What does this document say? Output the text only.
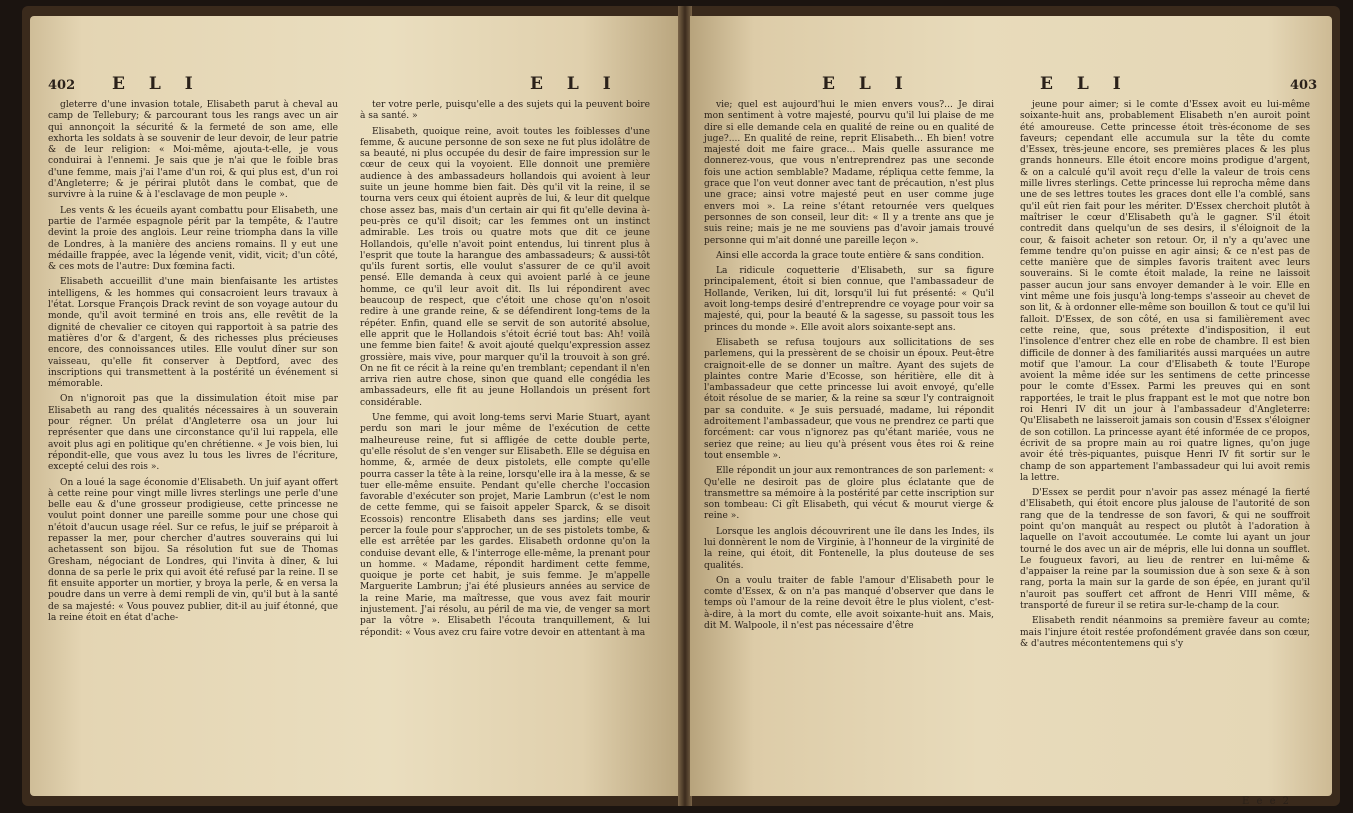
402 E L I	E L I

gleterre d'une invasion totale, Elisabeth parut à cheval au camp de Tellebury; & parcourant tous les rangs avec un air qui annonçoit la sécurité & la fermeté de son ame, elle exhorta les soldats à se souvenir de leur devoir, de leur patrie & de leur religion: « Moi-même, ajouta-t-elle, je vous conduirai à l'ennemi. Je sais que je n'ai que le foible bras d'une femme, mais j'ai l'ame d'un roi, & qui plus est, d'un roi d'Angleterre; & je périrai plutôt dans le combat, que de survivre à la ruine & à l'esclavage de mon peuple ».

Les vents & les écueils ayant combattu pour Elisabeth, une partie de l'armée espagnole périt par la tempête, & l'autre devint la proie des anglois. Leur reine triompha dans la ville de Londres, à la manière des anciens romains. Il y eut une médaille frappée, avec la légende venit, vidit, vicit; d'un côté, & ces mots de l'autre: Dux fœmina facti.

Elisabeth accueillit d'une main bienfaisante les artistes intelligens, & les hommes qui consacroient leurs travaux à l'état. Lorsque François Drack revint de son voyage autour du monde, qu'il avoit terminé en trois ans, elle revêtit de la dignité de chevalier ce citoyen qui rapportoit à sa patrie des matières d'or & d'argent, & des richesses plus précieuses encore, des connoissances utiles. Elle voulut dîner sur son vaisseau, qu'elle fit conserver à Deptford, avec des inscriptions qui transmettent à la postérité un événement si mémorable.

On n'ignoroit pas que la dissimulation étoit mise par Elisabeth au rang des qualités nécessaires à un souverain pour régner. Un prélat d'Angleterre osa un jour lui représenter que dans une circonstance qu'il lui rappela, elle avoit plus agi en politique qu'en chrétienne. « Je vois bien, lui répondit-elle, que vous avez lu tous les livres de l'écriture, excepté celui des rois ».

On a loué la sage économie d'Elisabeth. Un juif ayant offert à cette reine pour vingt mille livres sterlings une perle d'une belle eau & d'une grosseur prodigieuse, cette princesse ne voulut point donner une pareille somme pour une chose qui n'étoit d'aucun usage réel. Sur ce refus, le juif se préparoit à repasser la mer, pour chercher d'autres souverains qui lui achetassent son bijou. Sa résolution fut sue de Thomas Gresham, négociant de Londres, qui l'invita à dîner, & lui donna de sa perle le prix qui avoit été refusé par la reine. Il se fit ensuite apporter un mortier, y broya la perle, & en versa la poudre dans un verre à demi rempli de vin, qu'il but à la santé de sa majesté: « Vous pouvez publier, dit-il au juif étonné, que la reine étoit en état d'ache-

ter votre perle, puisqu'elle a des sujets qui la peuvent boire à sa santé. »

Elisabeth, quoique reine, avoit toutes les foiblesses d'une femme, & aucune personne de son sexe ne fut plus idolâtre de sa beauté, ni plus occupée du desir de faire impression sur le cœur de ceux qui la voyoient. Elle donnoit une première audience à des ambassadeurs hollandois qui avoient à leur suite un jeune homme bien fait. Dès qu'il vit la reine, il se tourna vers ceux qui étoient auprès de lui, & leur dit quelque chose assez bas, mais d'un certain air qui fit qu'elle devina à-peu-près ce qu'il disoit; car les femmes ont un instinct admirable. Les trois ou quatre mots que dit ce jeune Hollandois, qu'elle n'avoit point entendus, lui tinrent plus à l'esprit que toute la harangue des ambassadeurs; & aussi-tôt qu'ils furent sortis, elle voulut s'assurer de ce qu'il avoit pensé. Elle demanda à ceux qui avoient parlé à ce jeune homme, ce qu'il leur avoit dit. Ils lui répondirent avec beaucoup de respect, que c'étoit une chose qu'on n'osoit redire à une grande reine, & se défendirent long-tems de la répéter. Enfin, quand elle se servit de son autorité absolue, elle apprit que le Hollandois s'étoit écrié tout bas: Ah! voilà une femme bien faite! & avoit ajouté quelqu'expression assez grossière, mais vive, pour marquer qu'il la trouvoit à son gré. On ne fit ce récit à la reine qu'en tremblant; cependant il n'en arriva rien autre chose, sinon que quand elle congédia les ambassadeurs, elle fit au jeune Hollandois un présent fort considérable.

Une femme, qui avoit long-tems servi Marie Stuart, ayant perdu son mari le jour même de l'exécution de cette malheureuse reine, fut si affligée de cette double perte, qu'elle résolut de s'en venger sur Elisabeth. Elle se déguisa en homme, &, armée de deux pistolets, elle compte qu'elle pourra casser la tête à la reine, lorsqu'elle ira à la messe, & se tuer elle-même ensuite. Pendant qu'elle cherche l'occasion favorable d'exécuter son projet, Marie Lambrun (c'est le nom de cette femme, qui se faisoit appeler Sparck, & se disoit Ecossois) rencontre Elisabeth dans ses jardins; elle veut percer la foule pour s'approcher, un de ses pistolets tombe, & elle est arrêtée par les gardes. Elisabeth ordonne qu'on la conduise devant elle, & l'interroge elle-même, la prenant pour un homme. « Madame, répondit hardiment cette femme, quoique je porte cet habit, je suis femme. Je m'appelle Marguerite Lambrun; j'ai été plusieurs années au service de la reine Marie, ma maîtresse, que vous avez fait mourir injustement. J'ai résolu, au péril de ma vie, de venger sa mort par la vôtre ». Elisabeth l'écouta tranquillement, & lui répondit: « Vous avez cru faire votre devoir en attentant à ma

E L I	E L I	403

vie; quel est aujourd'hui le mien envers vous?... Je dirai mon sentiment à votre majesté, pourvu qu'il lui plaise de me dire si elle demande cela en qualité de reine ou en qualité de juge?.... En qualité de reine, reprit Elisabeth... Eh bien! votre majesté doit me faire grace... Mais quelle assurance me donnerez-vous, que vous n'entreprendrez pas une seconde fois une action semblable? Madame, répliqua cette femme, la grace que l'on veut donner avec tant de précaution, n'est plus une grace; ainsi votre majesté peut en user comme juge envers moi ». La reine s'étant retournée vers quelques personnes de son conseil, leur dit: « Il y a trente ans que je suis reine; mais je ne me souviens pas d'avoir jamais trouvé personne qui m'ait donné une pareille leçon ».

Ainsi elle accorda la grace toute entière & sans condition.

La ridicule coquetterie d'Elisabeth, sur sa figure principalement, étoit si bien connue, que l'ambassadeur de Hollande, Veriken, lui dit, lorsqu'il lui fut présenté: « Qu'il avoit long-temps desiré d'entreprendre ce voyage pour voir sa majesté, qui, pour la beauté & la sagesse, su passoit tous les princes du monde ». Elle avoit alors soixante-sept ans.

Elisabeth se refusa toujours aux sollicitations de ses parlemens, qui la pressèrent de se choisir un époux. Peut-être craignoit-elle de se donner un maître. Ayant des sujets de plaintes contre Marie d'Ecosse, son héritière, elle dit à l'ambassadeur que cette princesse lui avoit envoyé, qu'elle étoit résolue de se marier, & la reine sa sœur l'y contraignoit par sa conduite. « Je suis persuadé, madame, lui répondit adroitement l'ambassadeur, que vous ne prendrez ce parti que forcément: car vous n'ignorez pas qu'étant mariée, vous ne seriez que reine; au lieu qu'à présent vous êtes roi & reine tout ensemble ».

Elle répondit un jour aux remontrances de son parlement: « Qu'elle ne desiroit pas de gloire plus éclatante que de transmettre sa mémoire à la postérité par cette inscription sur son tombeau: Ci gît Elisabeth, qui vécut & mourut vierge & reine ».

Lorsque les anglois découvrirent une île dans les Indes, ils lui donnèrent le nom de Virginie, à l'honneur de la virginité de la reine, qui étoit, dit Fontenelle, la plus douteuse de ses qualités.

On a voulu traiter de fable l'amour d'Elisabeth pour le comte d'Essex, & on n'a pas manqué d'observer que dans le temps où l'amour de la reine devoit être le plus violent, c'est-à-dire, à la mort du comte, elle avoit soixante-huit ans. Mais, dit M. Walpoole, il n'est pas nécessaire d'être

jeune pour aimer; si le comte d'Essex avoit eu lui-même soixante-huit ans, probablement Elisabeth n'en auroit point été amoureuse. Cette princesse étoit très-économe de ses faveurs; cependant elle accumula sur la tête du comte d'Essex, très-jeune encore, ses premières places & les plus grands honneurs. Elle étoit encore moins prodigue d'argent, & on a calculé qu'il avoit reçu d'elle la valeur de trois cens mille livres sterlings. Cette princesse lui reprocha même dans une de ses lettres toutes les graces dont elle l'a comblé, sans qu'il eût rien fait pour les mériter. D'Essex cherchoit plutôt à maîtriser le cœur d'Elisabeth qu'à le gagner. S'il étoit contredit dans quelqu'un de ses desirs, il s'éloignoit de la cour, & faisoit acheter son retour. Or, il n'y a qu'avec une femme tendre qu'on puisse en agir ainsi; & ce n'est pas de cette manière que de simples favoris traitent avec leurs souverains. Si le comte étoit malade, la reine ne laissoit passer aucun jour sans envoyer demander à le voir. Elle en vint même une fois jusqu'à long-temps s'asseoir au chevet de son lit, & à ordonner elle-même son bouillon & tout ce qu'il lui falloit. D'Essex, de son côté, en usa si familièrement avec cette reine, que, sous prétexte d'indisposition, il eut l'insolence d'entrer chez elle en robe de chambre. Il est bien difficile de donner à des familiarités aussi marquées un autre motif que l'amour. La cour d'Elisabeth & toute l'Europe avoient la même idée sur les sentimens de cette princesse pour le comte d'Essex. Parmi les preuves qui en sont rapportées, le trait le plus frappant est le mot que notre bon roi Henri IV dit un jour à l'ambassadeur d'Angleterre: Qu'Elisabeth ne laisseroit jamais son cousin d'Essex s'éloigner de son cotillon. La princesse ayant été informée de ce propos, écrivit de sa propre main au roi quatre lignes, qu'on juge avoir été très-piquantes, puisque Henri IV fit sortir sur le champ de son appartement l'ambassadeur qui lui avoit remis la lettre.

D'Essex se perdit pour n'avoir pas assez ménagé la fierté d'Elisabeth, qui étoit encore plus jalouse de l'autorité de son rang que de la tendresse de son favori, & qui ne souffroit point qu'on manquât au respect ou plutôt à l'adoration à laquelle on l'avoit accoutumée. Le comte lui ayant un jour tourné le dos avec un air de mépris, elle lui donna un soufflet. Le fougueux favori, au lieu de rentrer en lui-même & d'appaiser la reine par la soumission due à son sexe & à son rang, porta la main sur la garde de son épée, en jurant qu'il n'auroit pas souffert cet affront de Henri VIII même, & transporté de fureur il se retira sur-le-champ de la cour.

Elisabeth rendit néanmoins sa première faveur au comte; mais l'injure étoit restée profondément gravée dans son cœur, & d'autres mécontentemens qui s'y

E e e 2
